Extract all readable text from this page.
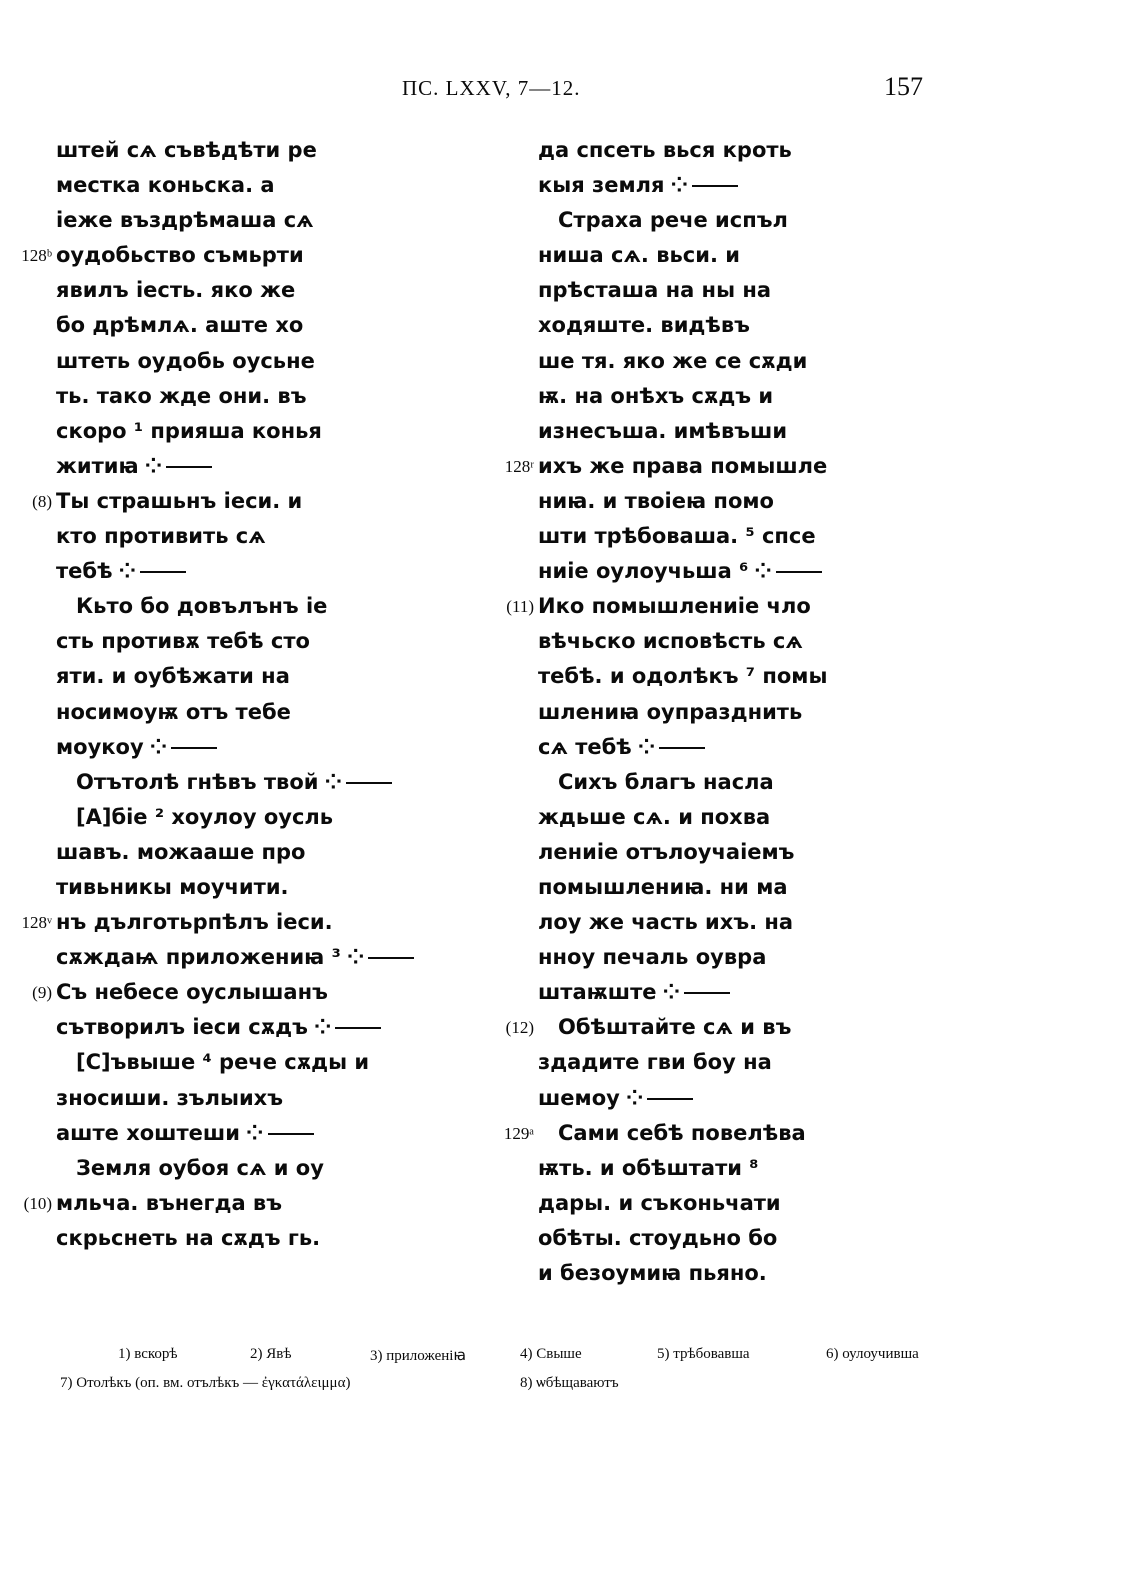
ПС. LXXV, 7—12.	157
штей сѧ съвѣдѣти ре
местка коньска. а
іеже въздрѣмаша сѧ
128ᵇ оудобьство съмьрти
явилъ іесть. яко же
бо дрѣмлѧ. аште хо
штеть оудобь оусьне
ть. тако жде они. въ
скоро ¹ прияша конья
житиꙗ ⁘
(8) Ты страшьнъ іеси. и
кто противить сѧ
тебѣ ⁘
Кьто бо довълънъ іе
сть противѫ тебѣ сто
яти. и оубѣжати на
носимоуѭ отъ тебе
моукоу ⁘
Отътолѣ гнѣвъ твой ⁘
[А]біе ² хоулоу оусль
шавъ. можааше про
тивьникы моучити.
128ᵛ нъ дълготьрпѣлъ іеси.
сѫждаѩ приложениꙗ ³ ⁘
(9) Съ небесе оуслышанъ
сътворилъ іеси сѫдъ ⁘
[С]ъвыше ⁴ рече сѫды и
зносиши. зълыихъ
аште хоштеши ⁘
Земля оубоя сѧ и оу
(10) мльча. вънегда въ
скрьснеть на сѫдъ гь.
да спсеть вься кроть
кыя земля ⁘
Страха рече испъл
ниша сѧ. вьси. и
прѣсташа на ны на
ходяште. видѣвъ
ше тя. яко же се сѫди
ѭ. на онѣхъ сѫдъ и
изнесъша. имѣвъши
128ʳ ихъ же права помышле
ниꙗ. и твоіеꙗ помо
шти трѣбоваша. ⁵ спсе
ниіе оулоучьша ⁶ ⁘
(11) Ико помышлениіе чло
вѣчьско исповѣсть сѧ
тебѣ. и одолѣкъ ⁷ помы
шлениꙗ оупразднить
сѧ тебѣ ⁘
Сихъ благъ насла
ждьше сѧ. и похва
лениіе отълоучаіемъ
помышлениꙗ. ни ма
лоу же часть ихъ. на
нноу печаль оувра
штаѭште ⁘
(12) Обѣштайте сѧ и въ
здадите гви боу на
шемоу ⁘
129ᵃ Сами себѣ повелѣва
ѭть. и обѣштати ⁸
дары. и съконьчати
обѣты. стоудьно бо
и безоумиꙗ пьяно.
1) вскорѣ	2) Явѣ	3) приложеніꙗ	4) Свыше	5) трѣбовавша	6) оулоучивша
7) Отолѣкъ (оп. вм. отълѣкъ — ἐγκατάλειμμα)	8) ѡбѣщаваютъ
